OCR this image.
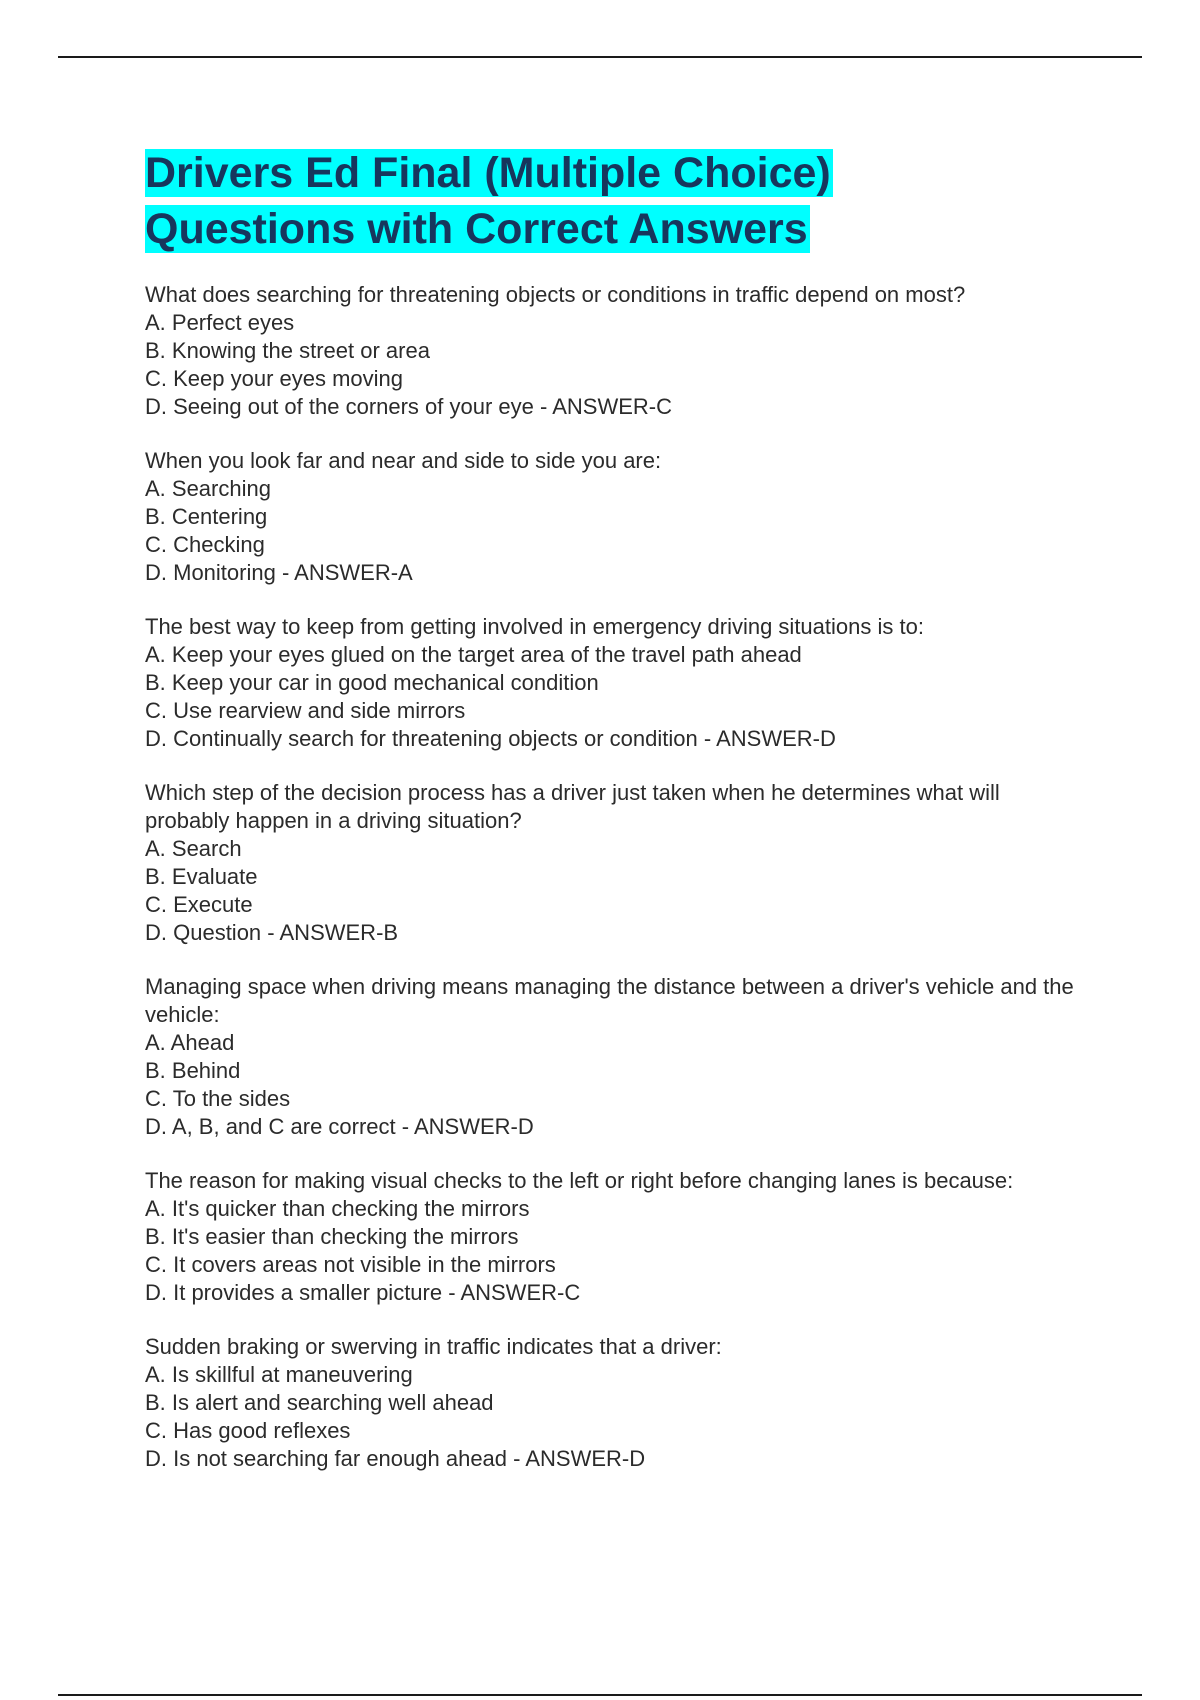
Drivers Ed Final (Multiple Choice)
Questions with Correct Answers
What does searching for threatening objects or conditions in traffic depend on most?
A. Perfect eyes
B. Knowing the street or area
C. Keep your eyes moving
D. Seeing out of the corners of your eye - ANSWER-C
When you look far and near and side to side you are:
A. Searching
B. Centering
C. Checking
D. Monitoring - ANSWER-A
The best way to keep from getting involved in emergency driving situations is to:
A. Keep your eyes glued on the target area of the travel path ahead
B. Keep your car in good mechanical condition
C. Use rearview and side mirrors
D. Continually search for threatening objects or condition - ANSWER-D
Which step of the decision process has a driver just taken when he determines what will probably happen in a driving situation?
A. Search
B. Evaluate
C. Execute
D. Question - ANSWER-B
Managing space when driving means managing the distance between a driver's vehicle and the vehicle:
A. Ahead
B. Behind
C. To the sides
D. A, B, and C are correct - ANSWER-D
The reason for making visual checks to the left or right before changing lanes is because:
A. It's quicker than checking the mirrors
B. It's easier than checking the mirrors
C. It covers areas not visible in the mirrors
D. It provides a smaller picture - ANSWER-C
Sudden braking or swerving in traffic indicates that a driver:
A. Is skillful at maneuvering
B. Is alert and searching well ahead
C. Has good reflexes
D. Is not searching far enough ahead - ANSWER-D
